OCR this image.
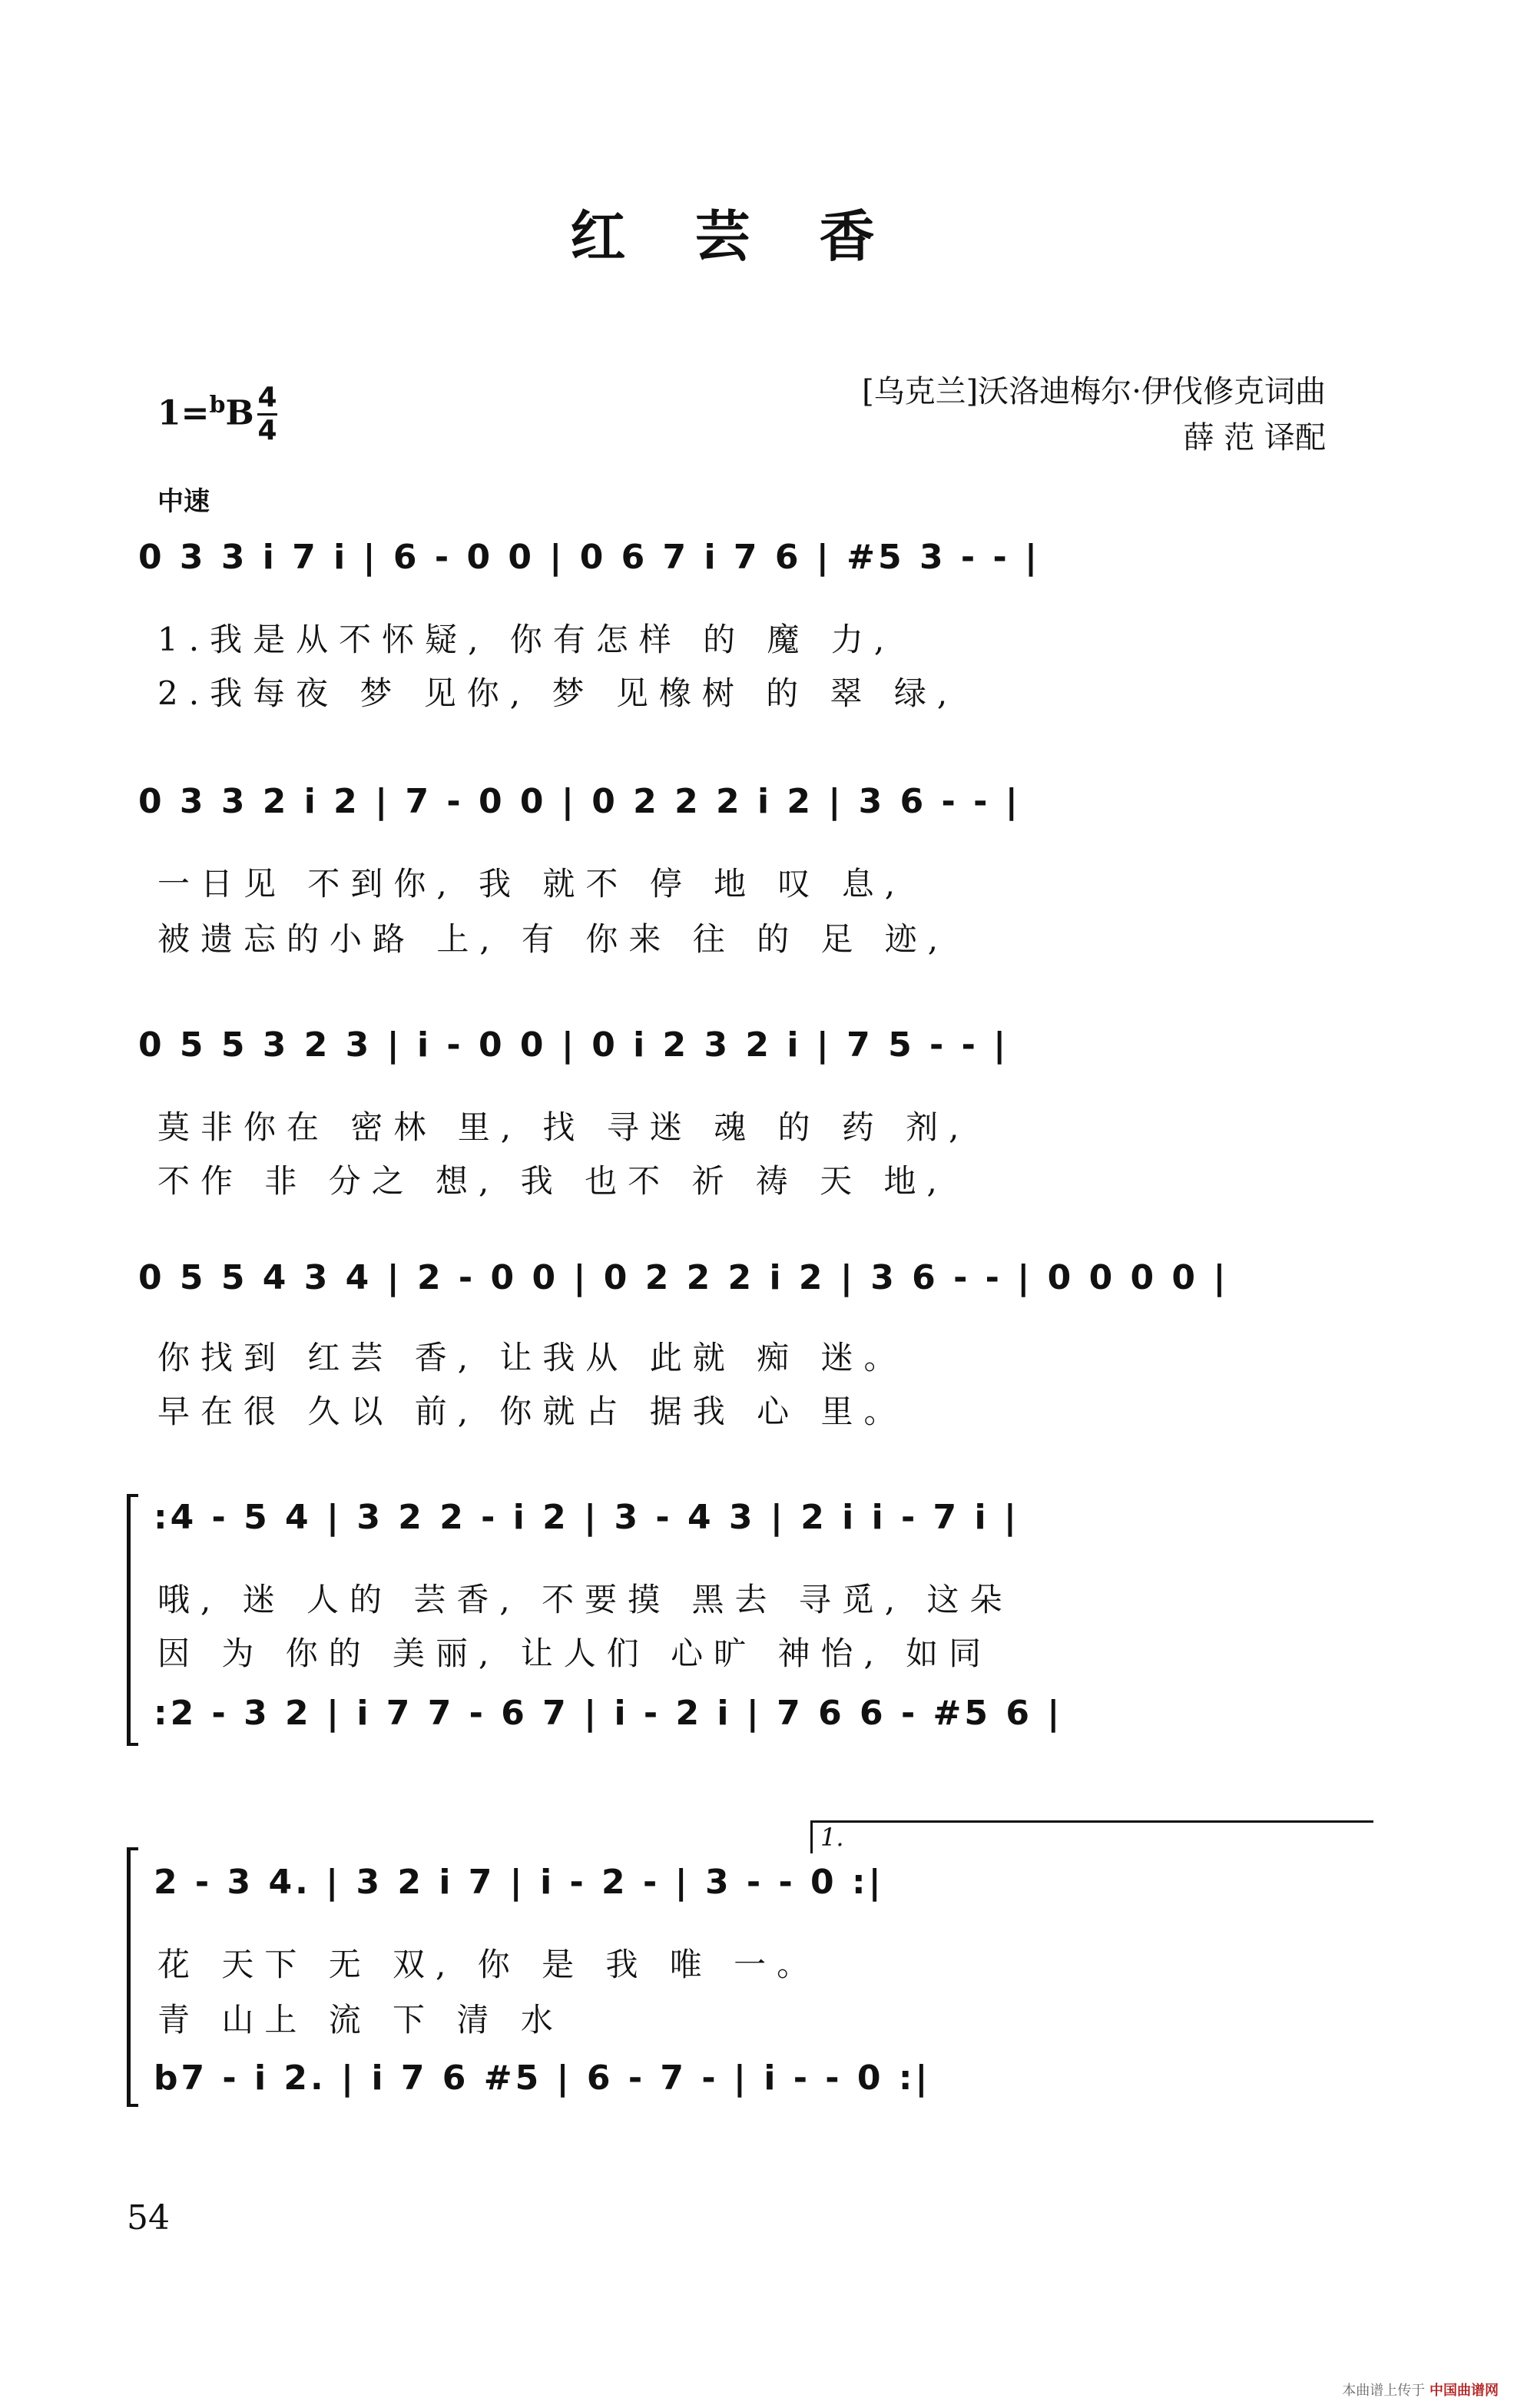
红芸香
1=$^b$B 4
4
[乌克兰]沃洛迪梅尔·伊伐修克词曲
薛 范 译配
中速
0 3 3 i 7 i | 6 - 0 0 | 0 6 7 i 7 6 | #5 3 - - |
1.我是从不怀疑, 你有怎样 的 魔 力,
2.我每夜 梦 见你, 梦 见橡树 的 翠 绿,
0 3 3 2 i 2 | 7 - 0 0 | 0 2 2 2 i 2 | 3 6 - - |
一日见 不到你, 我 就不 停 地 叹 息,
被遗忘的小路 上, 有 你来 往 的 足 迹,
0 5 5 3 2 3 | i - 0 0 | 0 i 2 3 2 i | 7 5 - - |
莫非你在 密林 里, 找 寻迷 魂 的 药 剂,
不作 非 分之 想, 我 也不 祈 祷 天 地,
0 5 5 4 3 4 | 2 - 0 0 | 0 2 2 2 i 2 | 3 6 - - | 0 0 0 0 |
你找到 红芸 香, 让我从 此就 痴 迷。
早在很 久以 前, 你就占 据我 心 里。
:4 - 5 4 | 3 2 2 - i 2 | 3 - 4 3 | 2 i i - 7 i |
哦, 迷 人的 芸香, 不要摸 黑去 寻觅, 这朵
因 为 你的 美丽, 让人们 心旷 神怡, 如同
:2 - 3 2 | i 7 7 - 6 7 | i - 2 i | 7 6 6 - #5 6 |
1.
2 - 3 4. | 3 2 i 7 | i - 2 - | 3 - - 0 :|
花 天下 无 双, 你 是 我 唯 一。
青 山上 流 下 清 水
b7 - i 2. | i 7 6 #5 | 6 - 7 - | i - - 0 :|
54
本曲谱上传于 中国曲谱网
